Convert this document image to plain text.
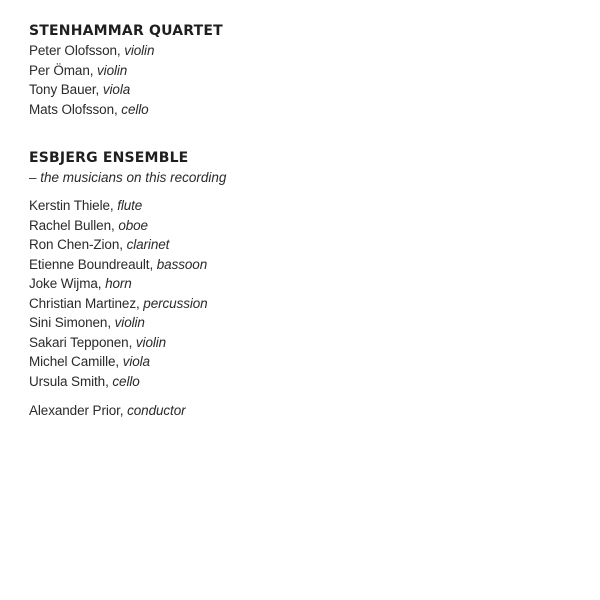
STENHAMMAR QUARTET
Peter Olofsson, violin
Per Öman, violin
Tony Bauer, viola
Mats Olofsson, cello
ESBJERG ENSEMBLE

– the musicians on this recording

Kerstin Thiele, flute
Rachel Bullen, oboe
Ron Chen-Zion, clarinet
Etienne Boundreault, bassoon
Joke Wijma, horn
Christian Martinez, percussion
Sini Simonen, violin
Sakari Tepponen, violin
Michel Camille, viola
Ursula Smith, cello
Alexander Prior, conductor
